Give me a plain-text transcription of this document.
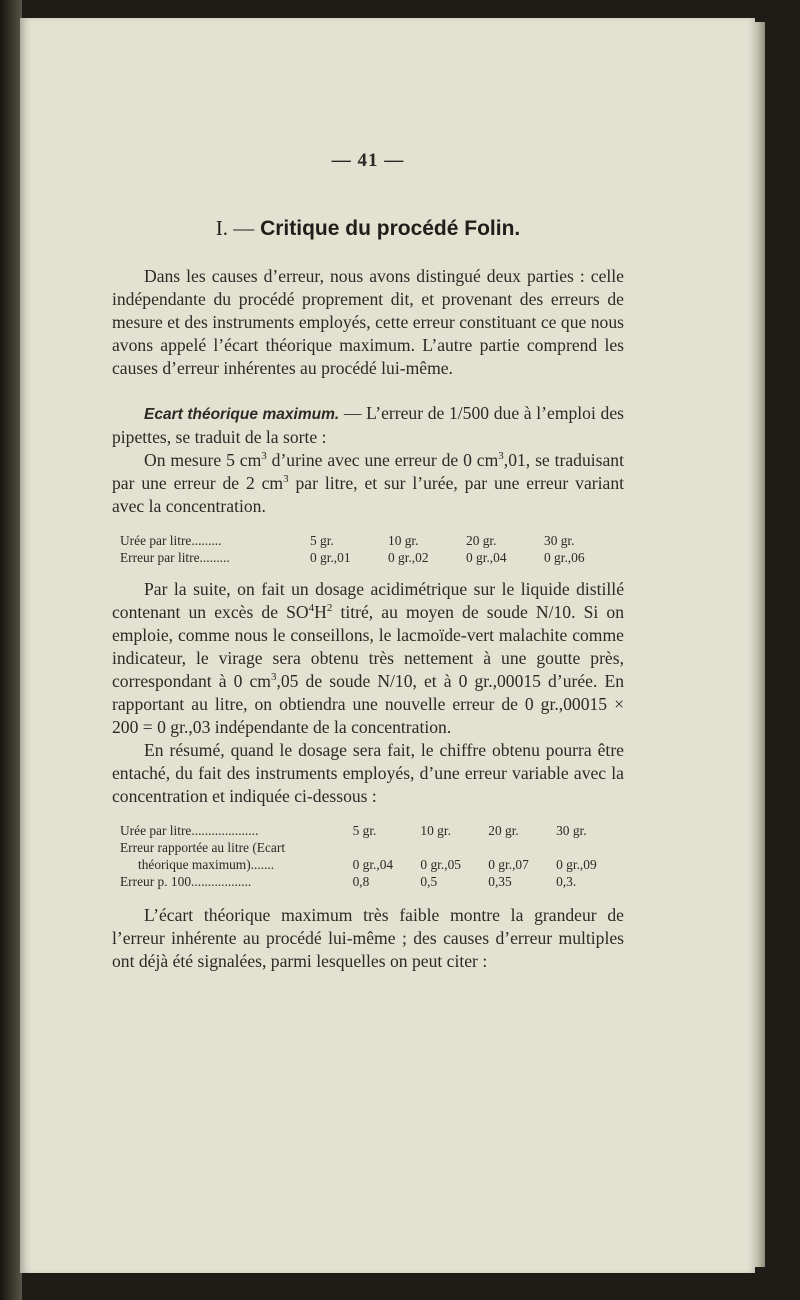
— 41 —
I. — Critique du procédé Folin.

Dans les causes d’erreur, nous avons distingué deux parties : celle indépendante du procédé proprement dit, et provenant des erreurs de mesure et des instruments employés, cette erreur constituant ce que nous avons appelé l’écart théorique maximum. L’autre partie comprend les causes d’erreur inhérentes au procédé lui-même.

Ecart théorique maximum. — L’erreur de 1/500 due à l’emploi des pipettes, se traduit de la sorte :

On mesure 5 $cm^3$ d’urine avec une erreur de 0 $cm^3,01$, se traduisant par une erreur de 2 $cm^3$ par litre, et sur l’urée, par une erreur variant avec la concentration.

Urée par litre.........	5 gr.	10 gr.	20 gr.	30 gr.
Erreur par litre.........	0 gr.,01	0 gr.,02	0 gr.,04	0 gr.,06

Par la suite, on fait un dosage acidimétrique sur le liquide distillé contenant un excès de $SO^4H^2$ titré, au moyen de soude N/10. Si on emploie, comme nous le conseillons, le lacmoïde-vert malachite comme indicateur, le virage sera obtenu très nettement à une goutte près, correspondant à 0 $cm^3,05$ de soude N/10, et à 0 gr.,00015 d’urée. En rapportant au litre, on obtiendra une nouvelle erreur de 0 gr.,00015 × 200 = 0 gr.,03 indépendante de la concentration.

En résumé, quand le dosage sera fait, le chiffre obtenu pourra être entaché, du fait des instruments employés, d’une erreur variable avec la concentration et indiquée ci-dessous :

Urée par litre....................	5 gr.	10 gr.	20 gr.	30 gr.
Erreur rapportée au litre (Ecart				
théorique maximum).......	0 gr.,04	0 gr.,05	0 gr.,07	0 gr.,09
Erreur p. 100..................	0,8	0,5	0,35	0,3.

L’écart théorique maximum très faible montre la grandeur de l’erreur inhérente au procédé lui-même ; des causes d’erreur multiples ont déjà été signalées, parmi lesquelles on peut citer :
